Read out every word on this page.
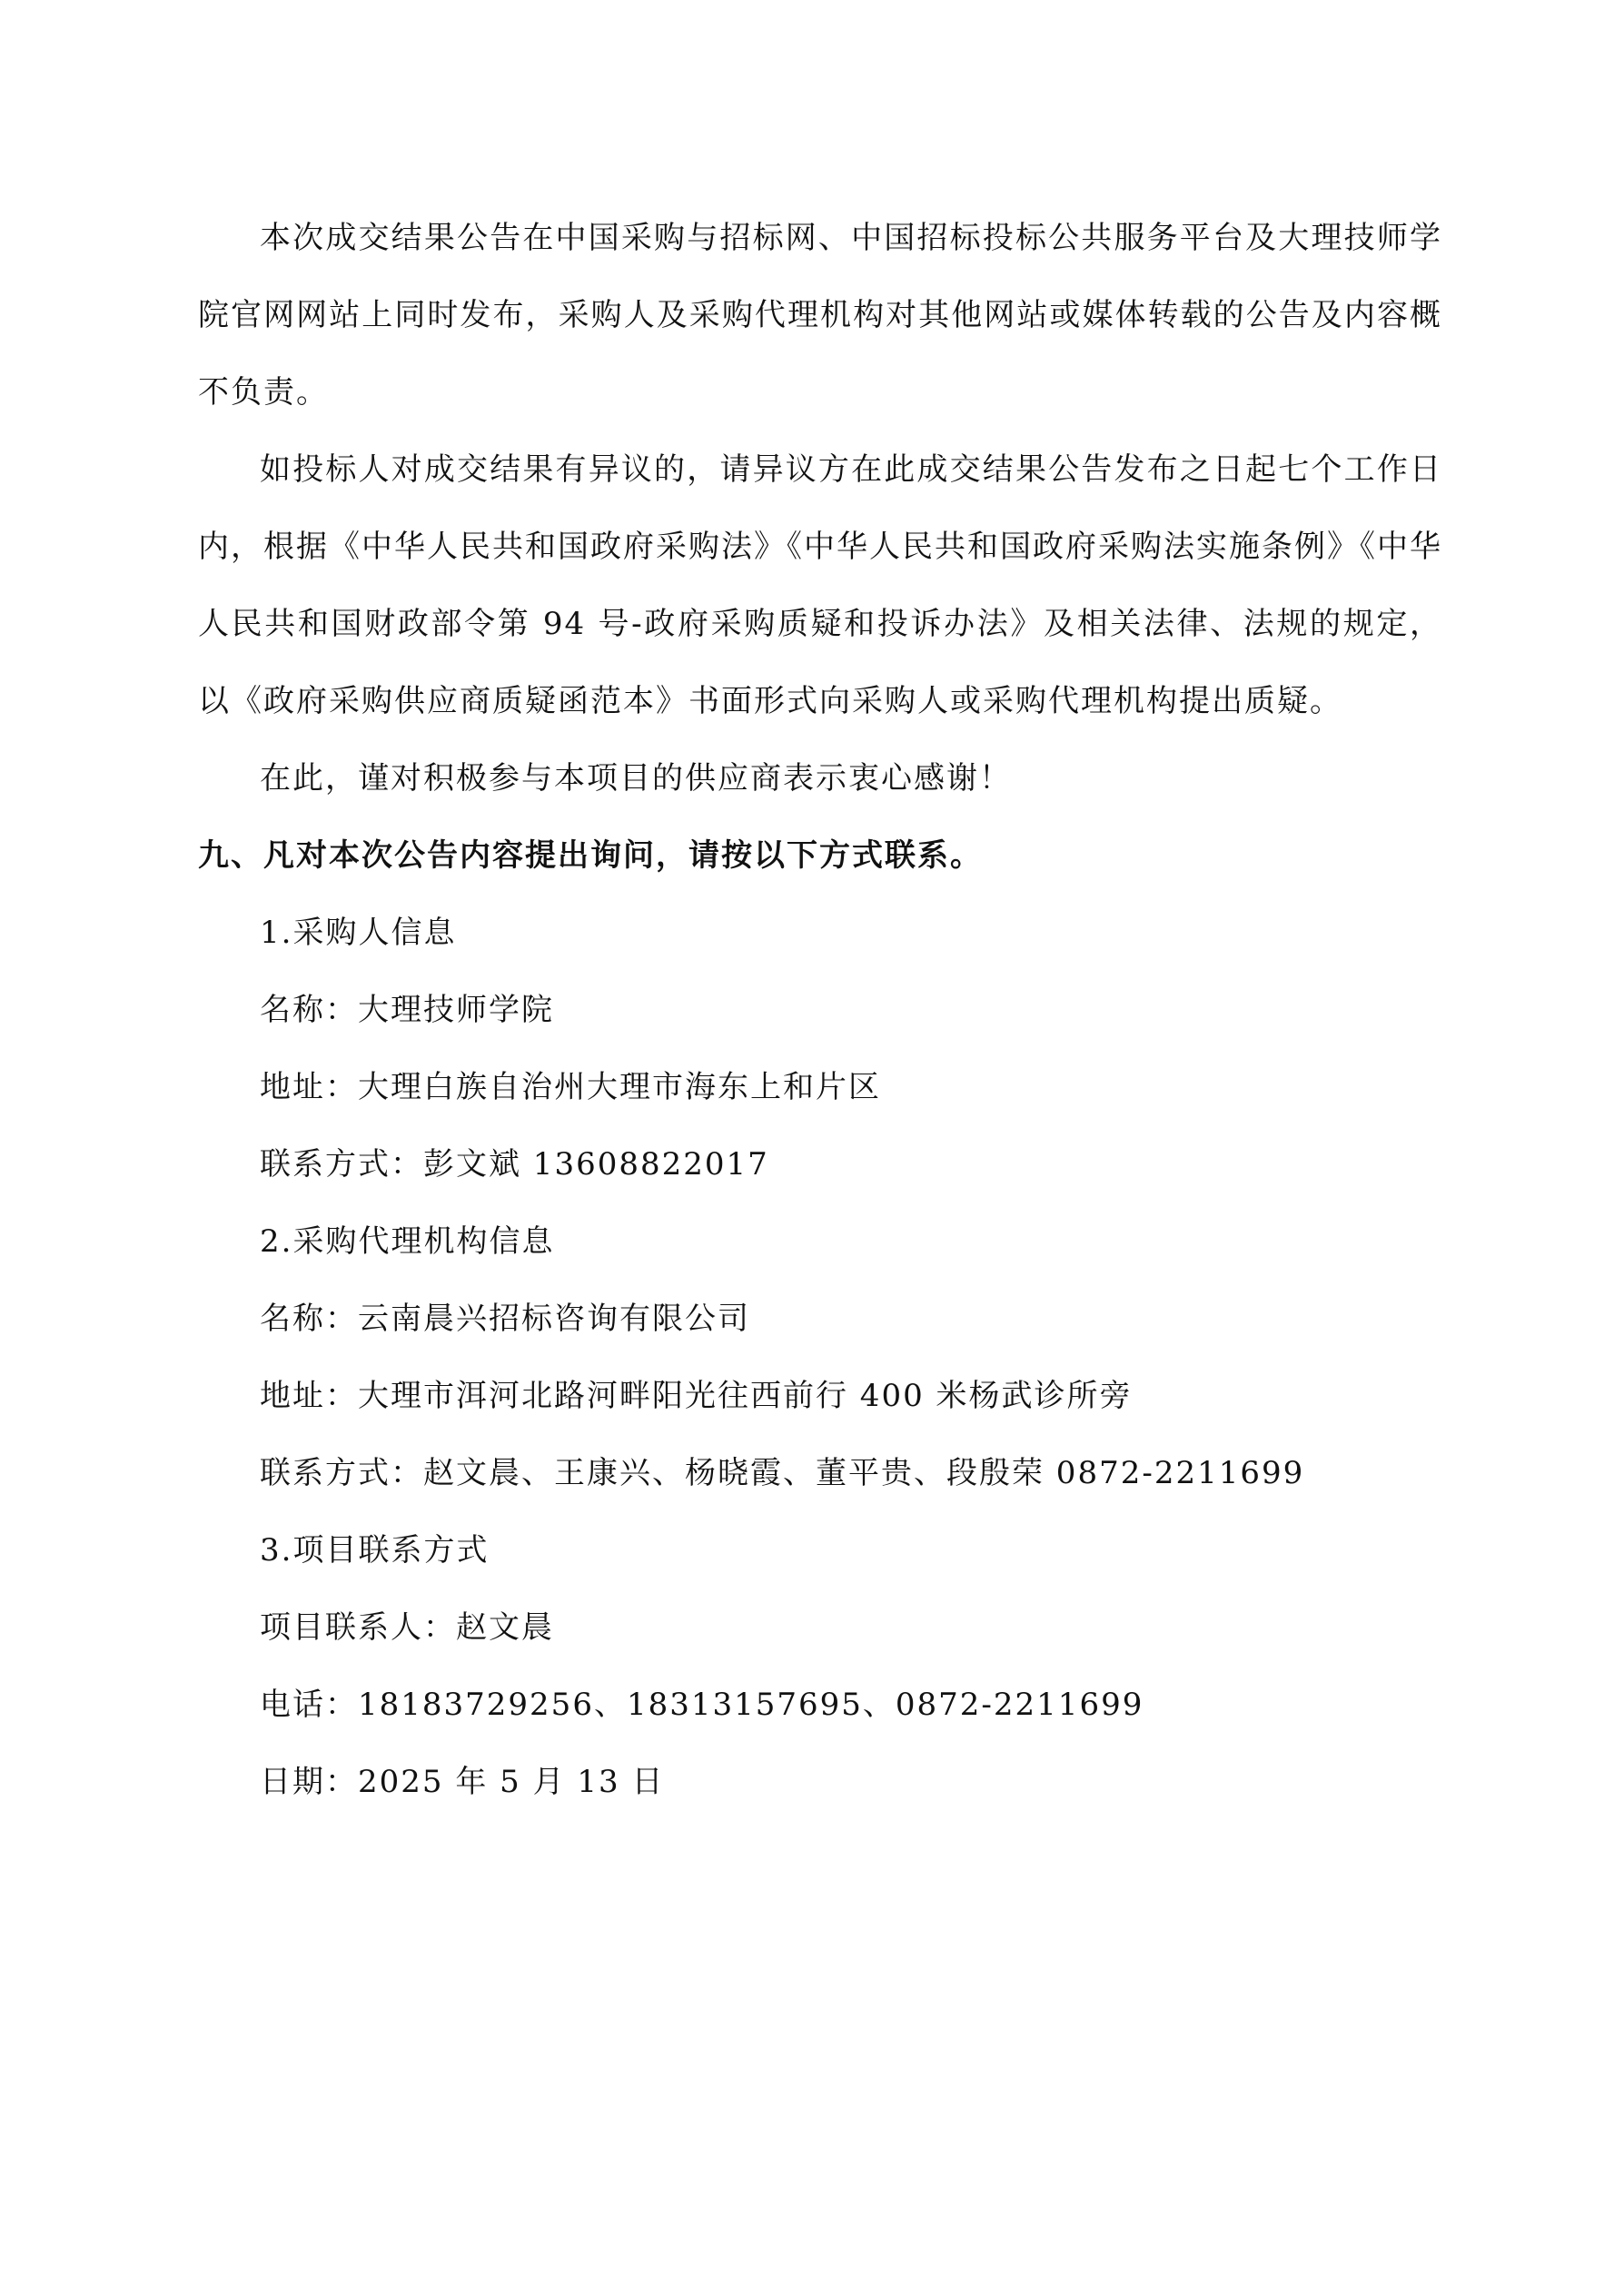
本次成交结果公告在中国采购与招标网、中国招标投标公共服务平台及大理技师学院官网网站上同时发布，采购人及采购代理机构对其他网站或媒体转载的公告及内容概不负责。

如投标人对成交结果有异议的，请异议方在此成交结果公告发布之日起七个工作日内，根据《中华人民共和国政府采购法》《中华人民共和国政府采购法实施条例》《中华人民共和国财政部令第 94 号-政府采购质疑和投诉办法》及相关法律、法规的规定，以《政府采购供应商质疑函范本》书面形式向采购人或采购代理机构提出质疑。

在此，谨对积极参与本项目的供应商表示衷心感谢！

九、凡对本次公告内容提出询问，请按以下方式联系。

1.采购人信息

名称：大理技师学院

地址：大理白族自治州大理市海东上和片区

联系方式：彭文斌 13608822017

2.采购代理机构信息

名称：云南晨兴招标咨询有限公司

地址：大理市洱河北路河畔阳光往西前行 400 米杨武诊所旁

联系方式：赵文晨、王康兴、杨晓霞、董平贵、段殷荣 0872-2211699

3.项目联系方式

项目联系人：赵文晨

电话：18183729256、18313157695、0872-2211699

日期：2025 年 5 月 13 日
